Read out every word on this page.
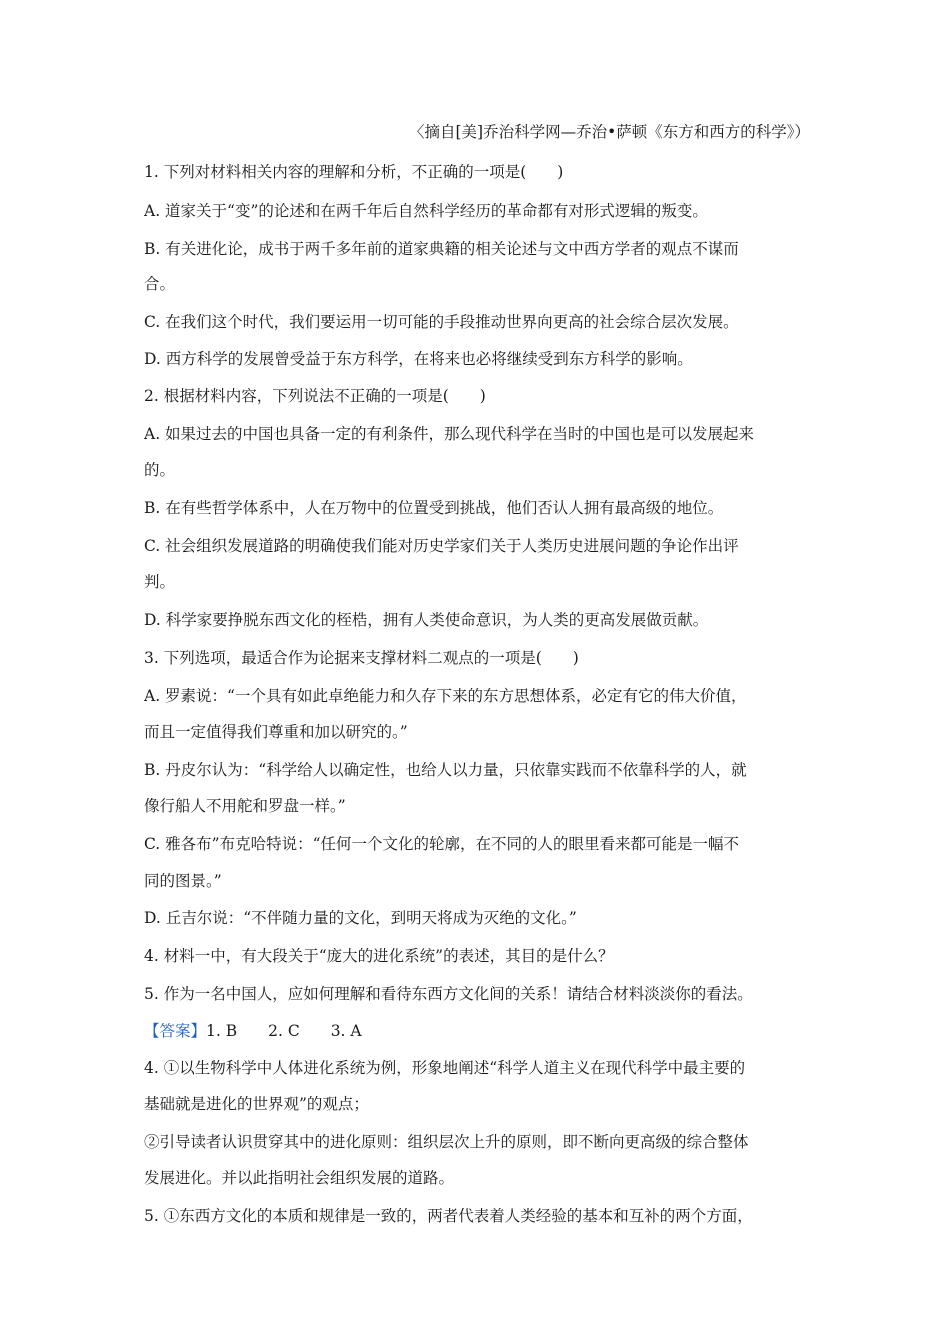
〈摘自[美]乔治科学网—乔治•萨顿《东方和西方的科学》）
1. 下列对材料相关内容的理解和分析，不正确的一项是(　　)
A. 道家关于“变”的论述和在两千年后自然科学经历的革命都有对形式逻辑的叛变。
B. 有关进化论，成书于两千多年前的道家典籍的相关论述与文中西方学者的观点不谋而
合。
C. 在我们这个时代，我们要运用一切可能的手段推动世界向更高的社会综合层次发展。
D. 西方科学的发展曾受益于东方科学，在将来也必将继续受到东方科学的影响。
2. 根据材料内容，下列说法不正确的一项是(　　)
A. 如果过去的中国也具备一定的有利条件，那么现代科学在当时的中国也是可以发展起来
的。
B. 在有些哲学体系中，人在万物中的位置受到挑战，他们否认人拥有最高级的地位。
C. 社会组织发展道路的明确使我们能对历史学家们关于人类历史进展问题的争论作出评
判。
D. 科学家要挣脱东西文化的桎梏，拥有人类使命意识，为人类的更高发展做贡献。
3. 下列选项，最适合作为论据来支撑材料二观点的一项是(　　)
A. 罗素说：“一个具有如此卓绝能力和久存下来的东方思想体系，必定有它的伟大价值，
而且一定值得我们尊重和加以研究的。”
B. 丹皮尔认为：“科学给人以确定性，也给人以力量，只依靠实践而不依靠科学的人，就
像行船人不用舵和罗盘一样。”
C. 雅各布”布克哈特说：“任何一个文化的轮廓，在不同的人的眼里看来都可能是一幅不
同的图景。”
D. 丘吉尔说：“不伴随力量的文化，到明天将成为灭绝的文化。”
4. 材料一中，有大段关于“庞大的进化系统”的表述，其目的是什么？
5. 作为一名中国人，应如何理解和看待东西方文化间的关系！请结合材料淡淡你的看法。
【答案】1. B　　2. C　　3. A
4. ①以生物科学中人体进化系统为例，形象地阐述“科学人道主义在现代科学中最主要的
基础就是进化的世界观”的观点；
②引导读者认识贯穿其中的进化原则：组织层次上升的原则，即不断向更高级的综合整体
发展进化。并以此指明社会组织发展的道路。
5. ①东西方文化的本质和规律是一致的，两者代表着人类经验的基本和互补的两个方面，
